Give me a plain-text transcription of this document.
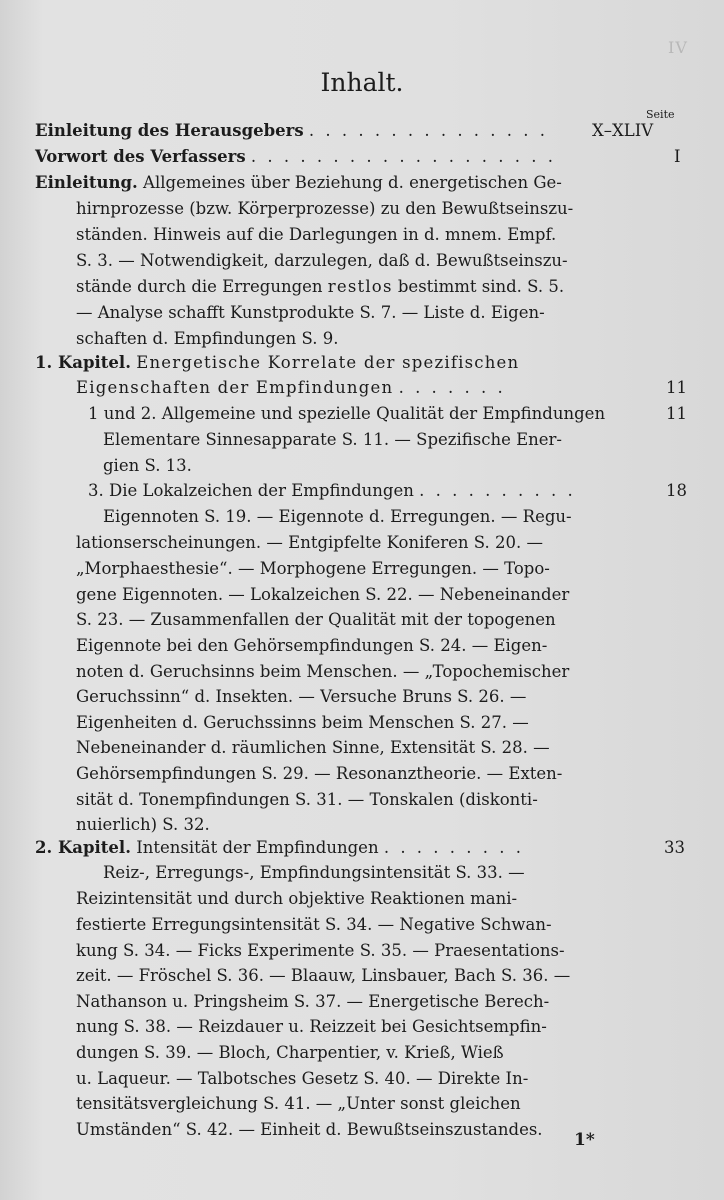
IV
Inhalt.
Seite
Einleitung des Herausgebers . . . . . . . . . . . . . . .	X–XLIV
Vorwort des Verfassers . . . . . . . . . . . . . . . . . . .	I
Einleitung. Allgemeines über Beziehung d. energetischen Ge-
hirnprozesse (bzw. Körperprozesse) zu den Bewußtseinszu-
ständen. Hinweis auf die Darlegungen in d. mnem. Empf.
S. 3. — Notwendigkeit, darzulegen, daß d. Bewußtseinszu-
stände durch die Erregungen restlos bestimmt sind. S. 5.
— Analyse schafft Kunstprodukte S. 7. — Liste d. Eigen-
schaften d. Empfindungen S. 9.
1. Kapitel. Energetische Korrelate der spezifischen
Eigenschaften der Empfindungen . . . . . . .	11
1 und 2. Allgemeine und spezielle Qualität der Empfindungen	11
Elementare Sinnesapparate S. 11. — Spezifische Ener-
gien S. 13.
3. Die Lokalzeichen der Empfindungen . . . . . . . . . .	18
Eigennoten S. 19. — Eigennote d. Erregungen. — Regu-
lationserscheinungen. — Entgipfelte Koniferen S. 20. —
„Morphaesthesie“. — Morphogene Erregungen. — Topo-
gene Eigennoten. — Lokalzeichen S. 22. — Nebeneinander
S. 23. — Zusammenfallen der Qualität mit der topogenen
Eigennote bei den Gehörsempfindungen S. 24. — Eigen-
noten d. Geruchsinns beim Menschen. — „Topochemischer
Geruchssinn“ d. Insekten. — Versuche Bruns S. 26. —
Eigenheiten d. Geruchssinns beim Menschen S. 27. —
Nebeneinander d. räumlichen Sinne, Extensität S. 28. —
Gehörsempfindungen S. 29. — Resonanztheorie. — Exten-
sität d. Tonempfindungen S. 31. — Tonskalen (diskonti-
nuierlich) S. 32.
2. Kapitel. Intensität der Empfindungen . . . . . . . . .	33
Reiz-, Erregungs-, Empfindungsintensität S. 33. —
Reizintensität und durch objektive Reaktionen mani-
festierte Erregungsintensität S. 34. — Negative Schwan-
kung S. 34. — Ficks Experimente S. 35. — Praesentations-
zeit. — Fröschel S. 36. — Blaauw, Linsbauer, Bach S. 36. —
Nathanson u. Pringsheim S. 37. — Energetische Berech-
nung S. 38. — Reizdauer u. Reizzeit bei Gesichtsempfin-
dungen S. 39. — Bloch, Charpentier, v. Krieß, Wieß
u. Laqueur. — Talbotsches Gesetz S. 40. — Direkte In-
tensitätsvergleichung S. 41. — „Unter sonst gleichen
Umständen“ S. 42. — Einheit d. Bewußtseinszustandes.
1*
